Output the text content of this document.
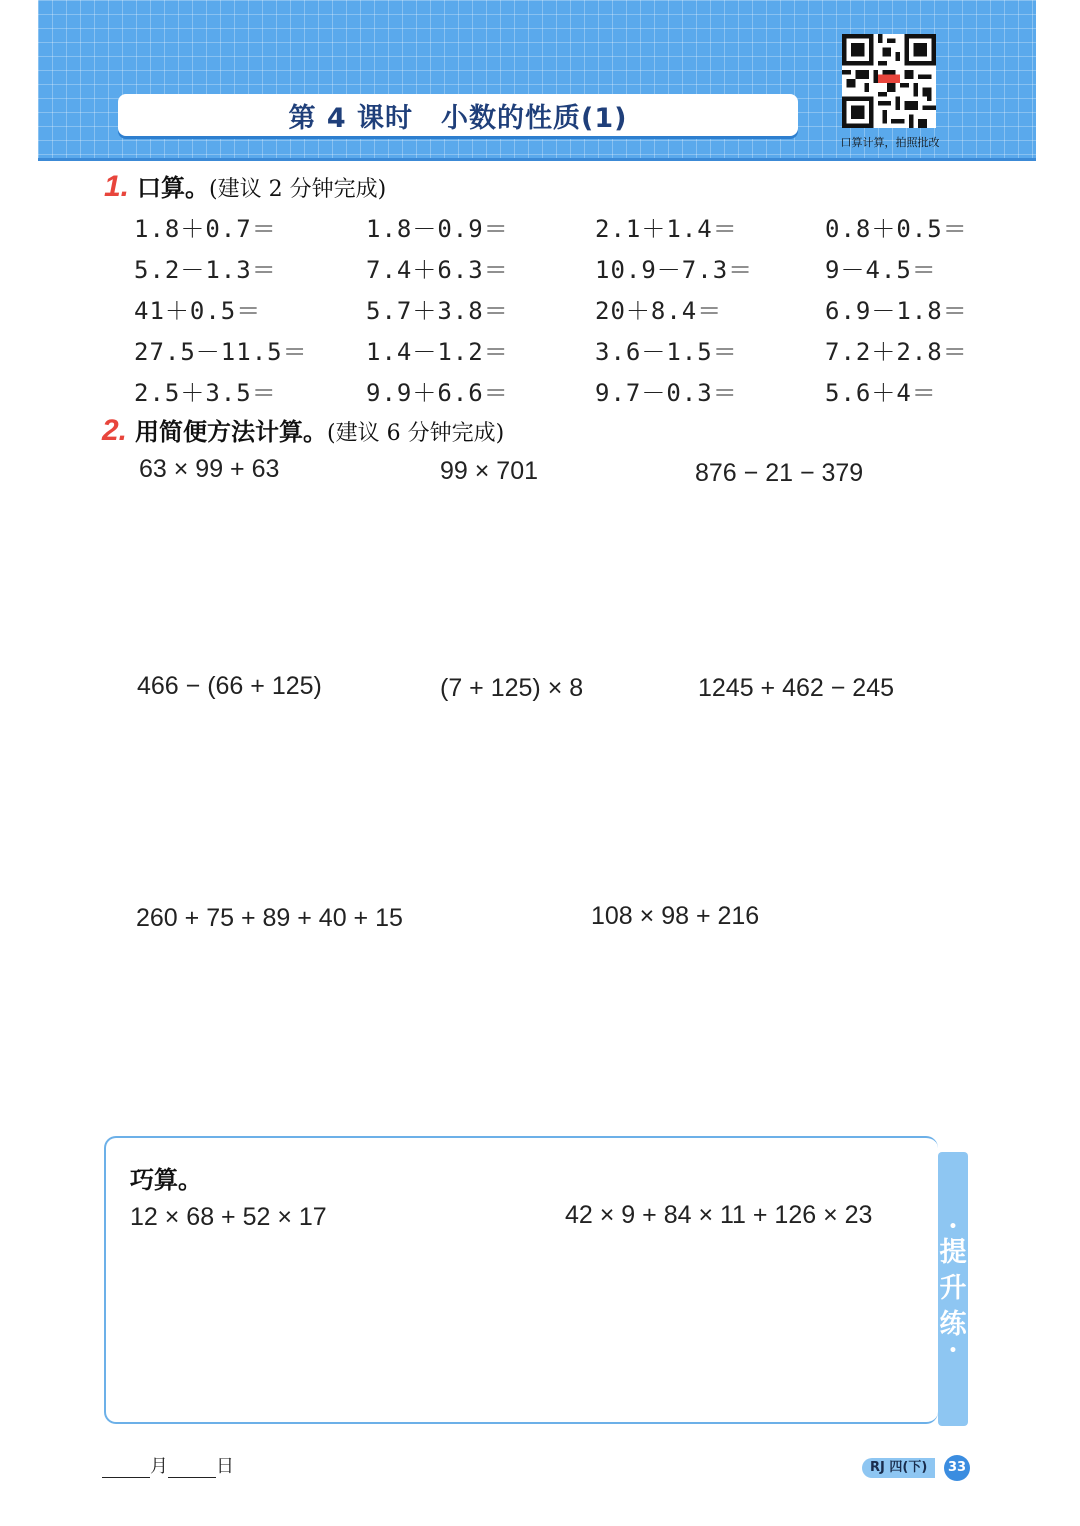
第 4 课时　小数的性质(1)
口算计算，拍照批改
1. 口算。(建议 2 分钟完成)
1.8＋0.7＝	1.8－0.9＝	2.1＋1.4＝	0.8＋0.5＝
5.2－1.3＝	7.4＋6.3＝	10.9－7.3＝	9－4.5＝
41＋0.5＝	5.7＋3.8＝	20＋8.4＝	6.9－1.8＝
27.5－11.5＝	1.4－1.2＝	3.6－1.5＝	7.2＋2.8＝
2.5＋3.5＝	9.9＋6.6＝	9.7－0.3＝	5.6＋4＝
2. 用简便方法计算。(建议 6 分钟完成)
63 × 99 + 63	99 × 701	876 − 21 − 379
466 − (66 + 125)	(7 + 125) × 8	1245 + 462 − 245
260 + 75 + 89 + 40 + 15	108 × 98 + 216
•
提
升
练
•
巧算。
12 × 68 + 52 × 17	42 × 9 + 84 × 11 + 126 × 23
月	日	RJ 四(下)	33
